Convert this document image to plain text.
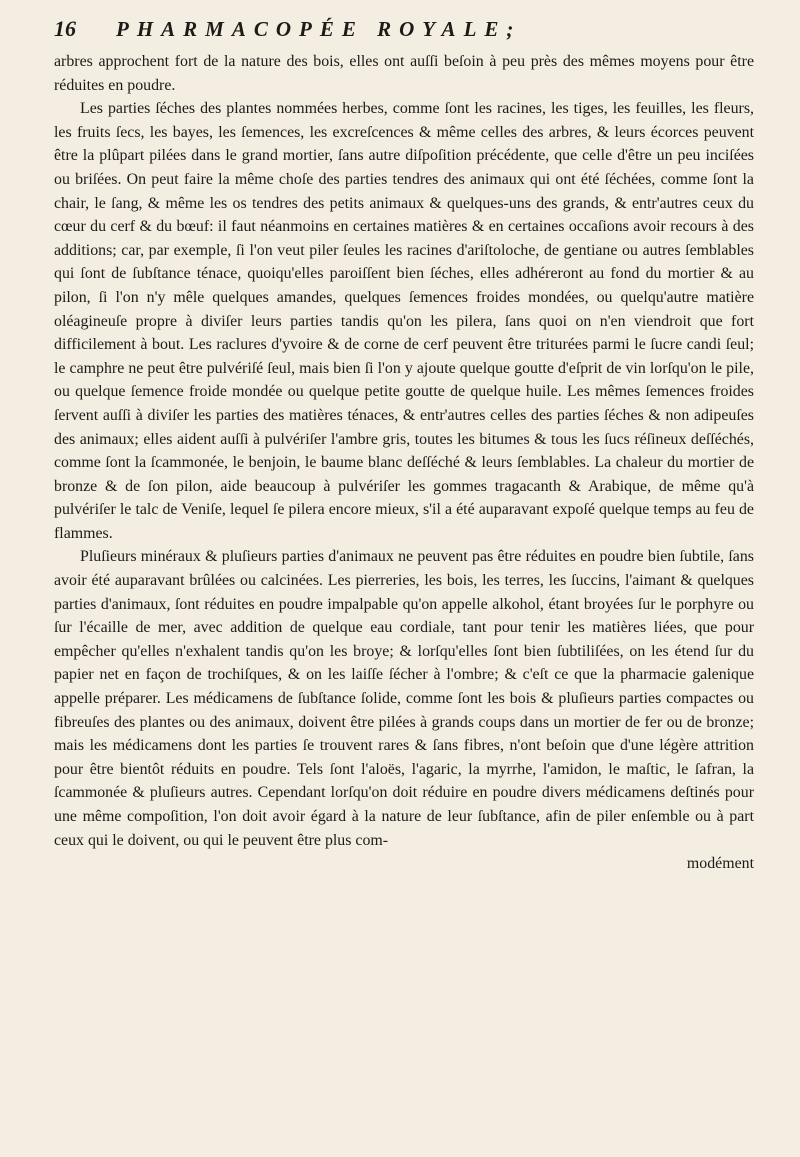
16	PHARMACOPÉE ROYALE;

arbres approchent fort de la nature des bois, elles ont auſſi beſoin à peu près des mêmes moyens pour être réduites en poudre.

Les parties ſéches des plantes nommées herbes, comme ſont les racines, les tiges, les feuilles, les fleurs, les fruits ſecs, les bayes, les ſemences, les excreſcences & même celles des arbres, & leurs écorces peuvent être la plûpart pilées dans le grand mortier, ſans autre diſpoſition précédente, que celle d'être un peu inciſées ou briſées. On peut faire la même choſe des parties tendres des animaux qui ont été ſéchées, comme ſont la chair, le ſang, & même les os tendres des petits animaux & quelques-uns des grands, & entr'autres ceux du cœur du cerf & du bœuf: il faut néanmoins en certaines matières & en certaines occaſions avoir recours à des additions; car, par exemple, ſi l'on veut piler ſeules les racines d'ariſtoloche, de gentiane ou autres ſemblables qui ſont de ſubſtance ténace, quoiqu'elles paroiſſent bien ſéches, elles adhéreront au fond du mortier & au pilon, ſi l'on n'y mêle quelques amandes, quelques ſemences froides mondées, ou quelqu'autre matière oléagineuſe propre à diviſer leurs parties tandis qu'on les pilera, ſans quoi on n'en viendroit que fort difficilement à bout. Les raclures d'yvoire & de corne de cerf peuvent être triturées parmi le ſucre candi ſeul; le camphre ne peut être pulvériſé ſeul, mais bien ſi l'on y ajoute quelque goutte d'eſprit de vin lorſqu'on le pile, ou quelque ſemence froide mondée ou quelque petite goutte de quelque huile. Les mêmes ſemences froides ſervent auſſi à diviſer les parties des matières ténaces, & entr'autres celles des parties ſéches & non adipeuſes des animaux; elles aident auſſi à pulvériſer l'ambre gris, toutes les bitumes & tous les ſucs réſineux deſſéchés, comme ſont la ſcammonée, le benjoin, le baume blanc deſſéché & leurs ſemblables. La chaleur du mortier de bronze & de ſon pilon, aide beaucoup à pulvériſer les gommes tragacanth & Arabique, de même qu'à pulvériſer le talc de Veniſe, lequel ſe pilera encore mieux, s'il a été auparavant expoſé quelque temps au feu de flammes.

Pluſieurs minéraux & pluſieurs parties d'animaux ne peuvent pas être réduites en poudre bien ſubtile, ſans avoir été auparavant brûlées ou calcinées. Les pierreries, les bois, les terres, les ſuccins, l'aimant & quelques parties d'animaux, ſont réduites en poudre impalpable qu'on appelle alkohol, étant broyées ſur le porphyre ou ſur l'écaille de mer, avec addition de quelque eau cordiale, tant pour tenir les matières liées, que pour empêcher qu'elles n'exhalent tandis qu'on les broye; & lorſqu'elles ſont bien ſubtiliſées, on les étend ſur du papier net en façon de trochiſques, & on les laiſſe ſécher à l'ombre; & c'eſt ce que la pharmacie galenique appelle préparer. Les médicamens de ſubſtance ſolide, comme ſont les bois & pluſieurs parties compactes ou fibreuſes des plantes ou des animaux, doivent être pilées à grands coups dans un mortier de fer ou de bronze; mais les médicamens dont les parties ſe trouvent rares & ſans fibres, n'ont beſoin que d'une légère attrition pour être bientôt réduits en poudre. Tels ſont l'aloës, l'agaric, la myrrhe, l'amidon, le maſtic, le ſafran, la ſcammonée & pluſieurs autres. Cependant lorſqu'on doit réduire en poudre divers médicamens deſtinés pour une même compoſition, l'on doit avoir égard à la nature de leur ſubſtance, afin de piler enſemble ou à part ceux qui le doivent, ou qui le peuvent être plus com-

modément
